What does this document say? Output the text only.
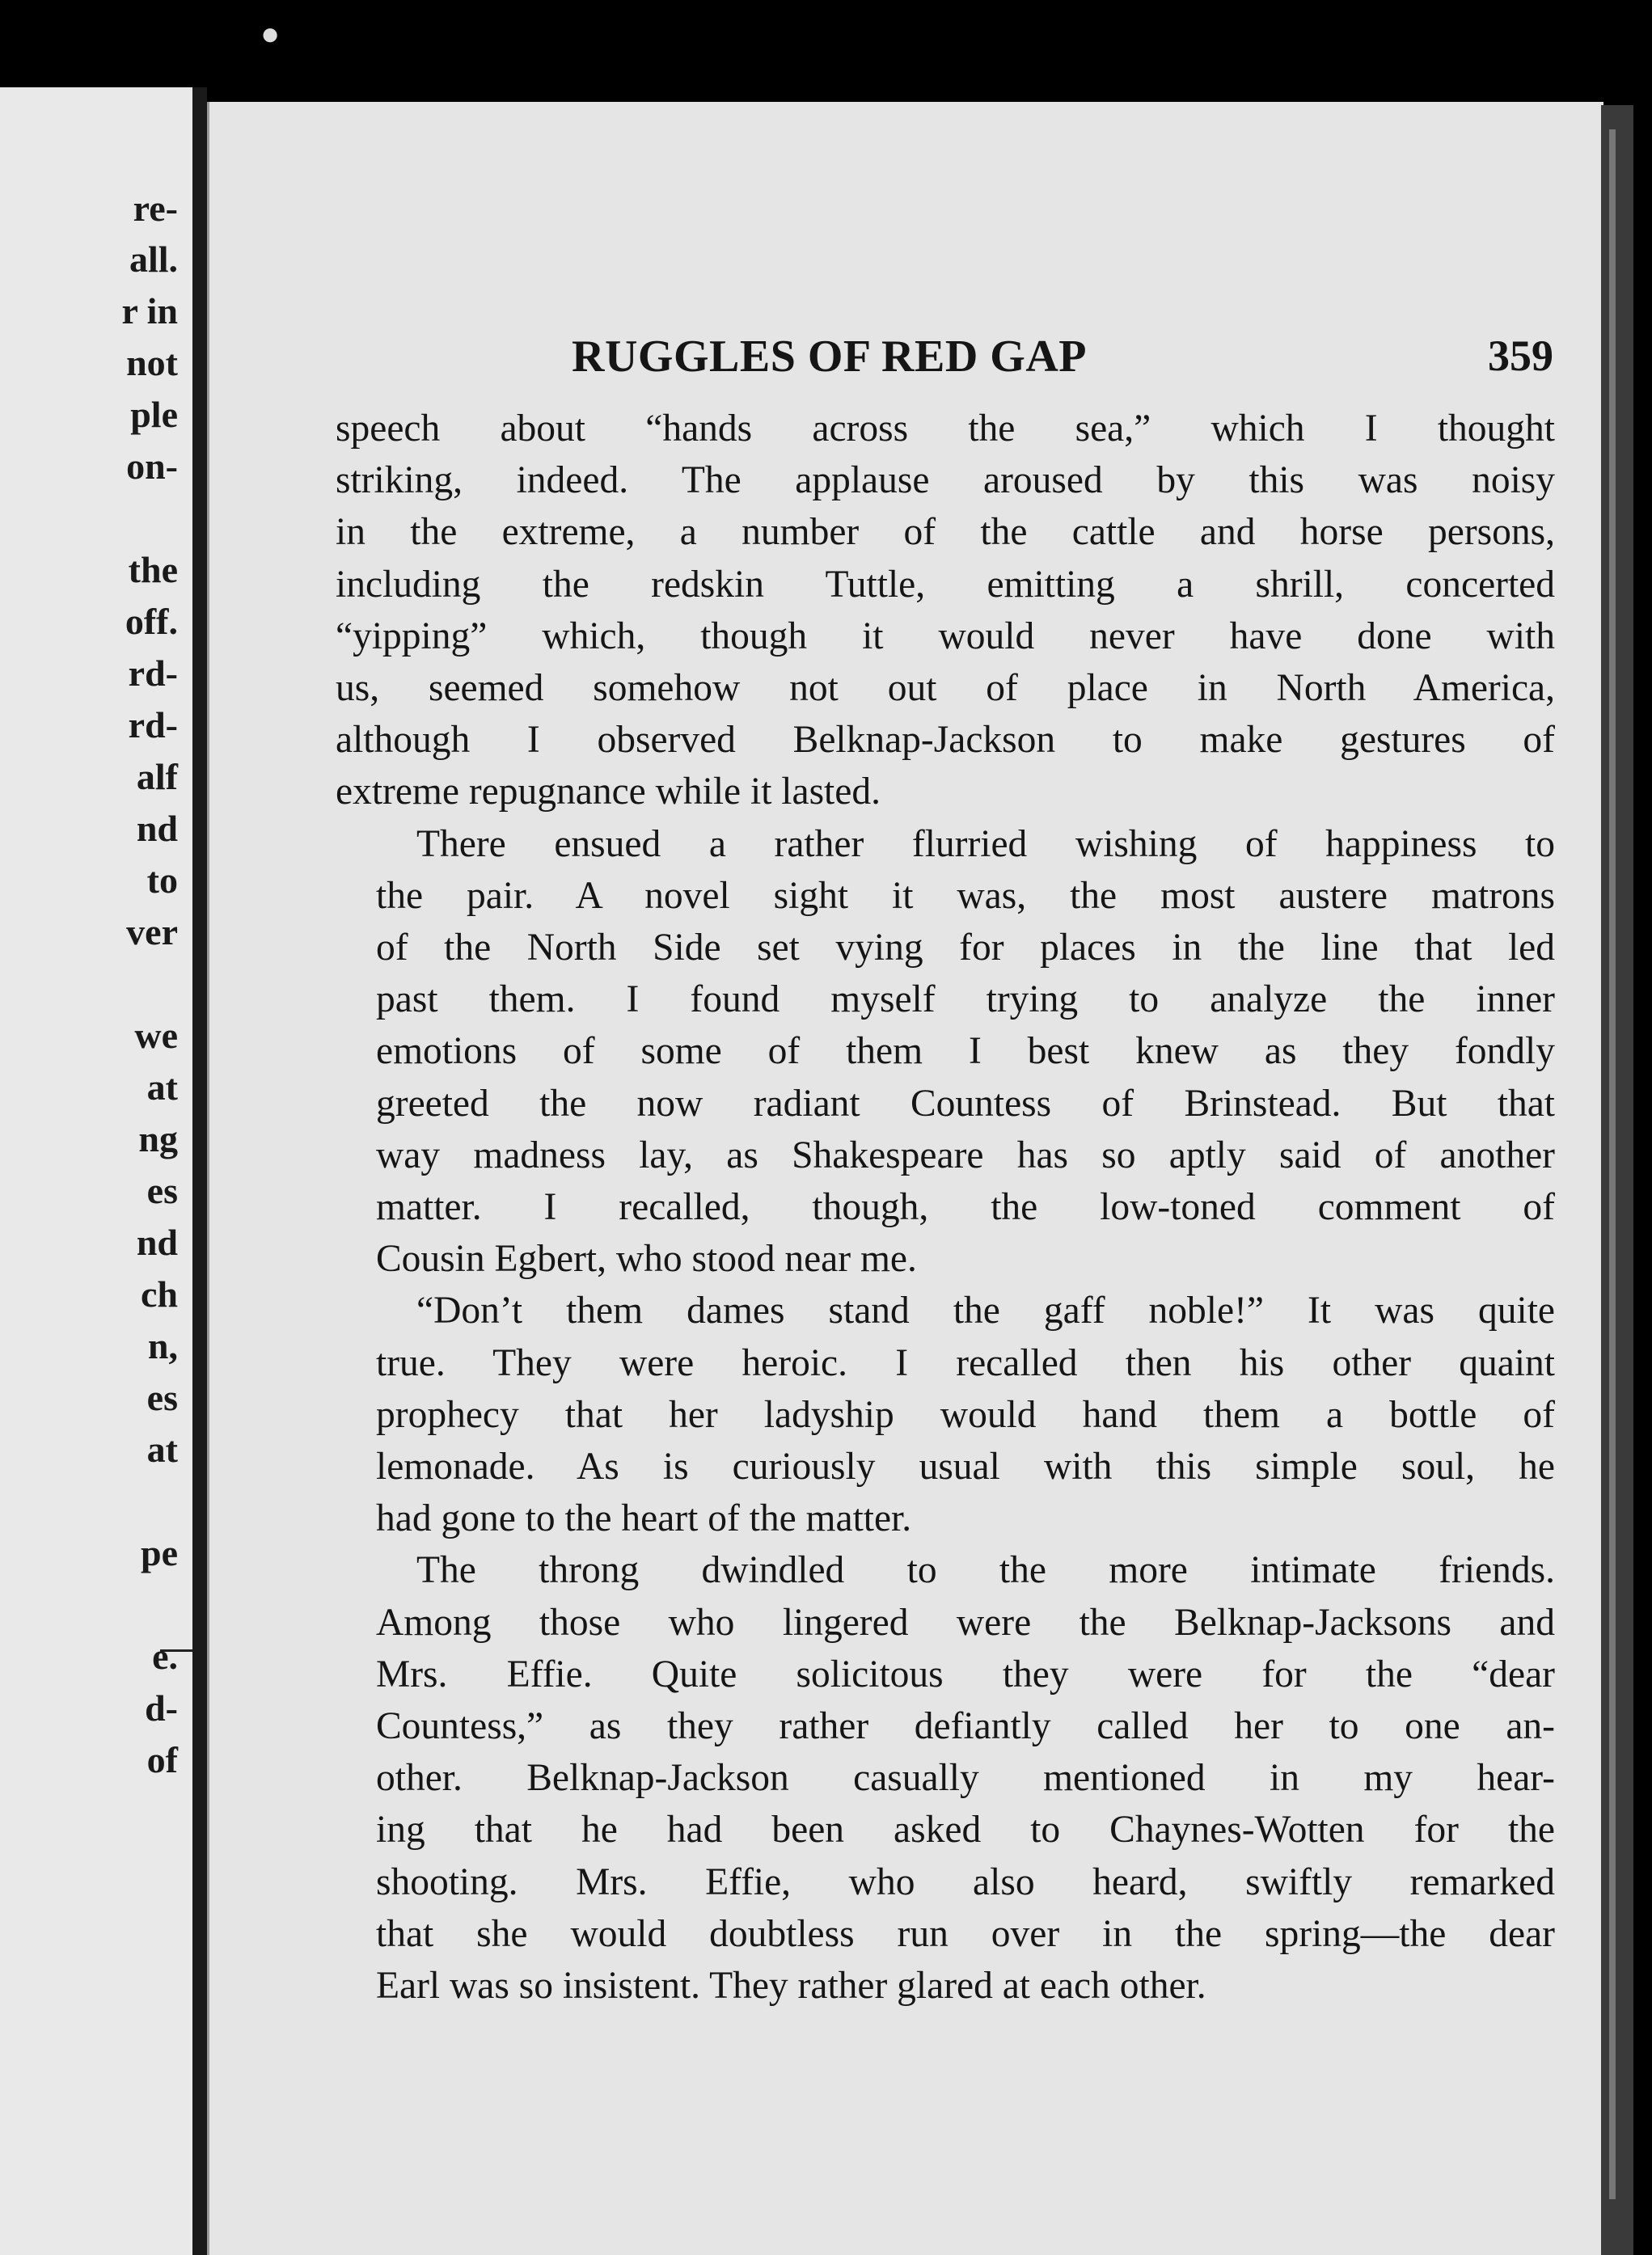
●
re-
all.
r in
not
ple
on-
the
off.
rd-
rd-
alf
nd
to
ver
we
at
ng
es
nd
ch
n,
es
at
pe
e.
d-
of
RUGGLES OF RED GAP	359

speech about “hands across the sea,” which I thought
striking, indeed. The applause aroused by this was noisy
in the extreme, a number of the cattle and horse persons,
including the redskin Tuttle, emitting a shrill, concerted
“yipping” which, though it would never have done with
us, seemed somehow not out of place in North America,
although I observed Belknap-Jackson to make gestures of
extreme repugnance while it lasted.

There ensued a rather flurried wishing of happiness to
the pair. A novel sight it was, the most austere matrons
of the North Side set vying for places in the line that led
past them. I found myself trying to analyze the inner
emotions of some of them I best knew as they fondly
greeted the now radiant Countess of Brinstead. But that
way madness lay, as Shakespeare has so aptly said of another
matter. I recalled, though, the low-toned comment of
Cousin Egbert, who stood near me.

“Don’t them dames stand the gaff noble!” It was quite
true. They were heroic. I recalled then his other quaint
prophecy that her ladyship would hand them a bottle of
lemonade. As is curiously usual with this simple soul, he
had gone to the heart of the matter.

The throng dwindled to the more intimate friends.
Among those who lingered were the Belknap-Jacksons and
Mrs. Effie. Quite solicitous they were for the “dear
Countess,” as they rather defiantly called her to one an-
other. Belknap-Jackson casually mentioned in my hear-
ing that he had been asked to Chaynes-Wotten for the
shooting. Mrs. Effie, who also heard, swiftly remarked
that she would doubtless run over in the spring—the dear
Earl was so insistent. They rather glared at each other.
